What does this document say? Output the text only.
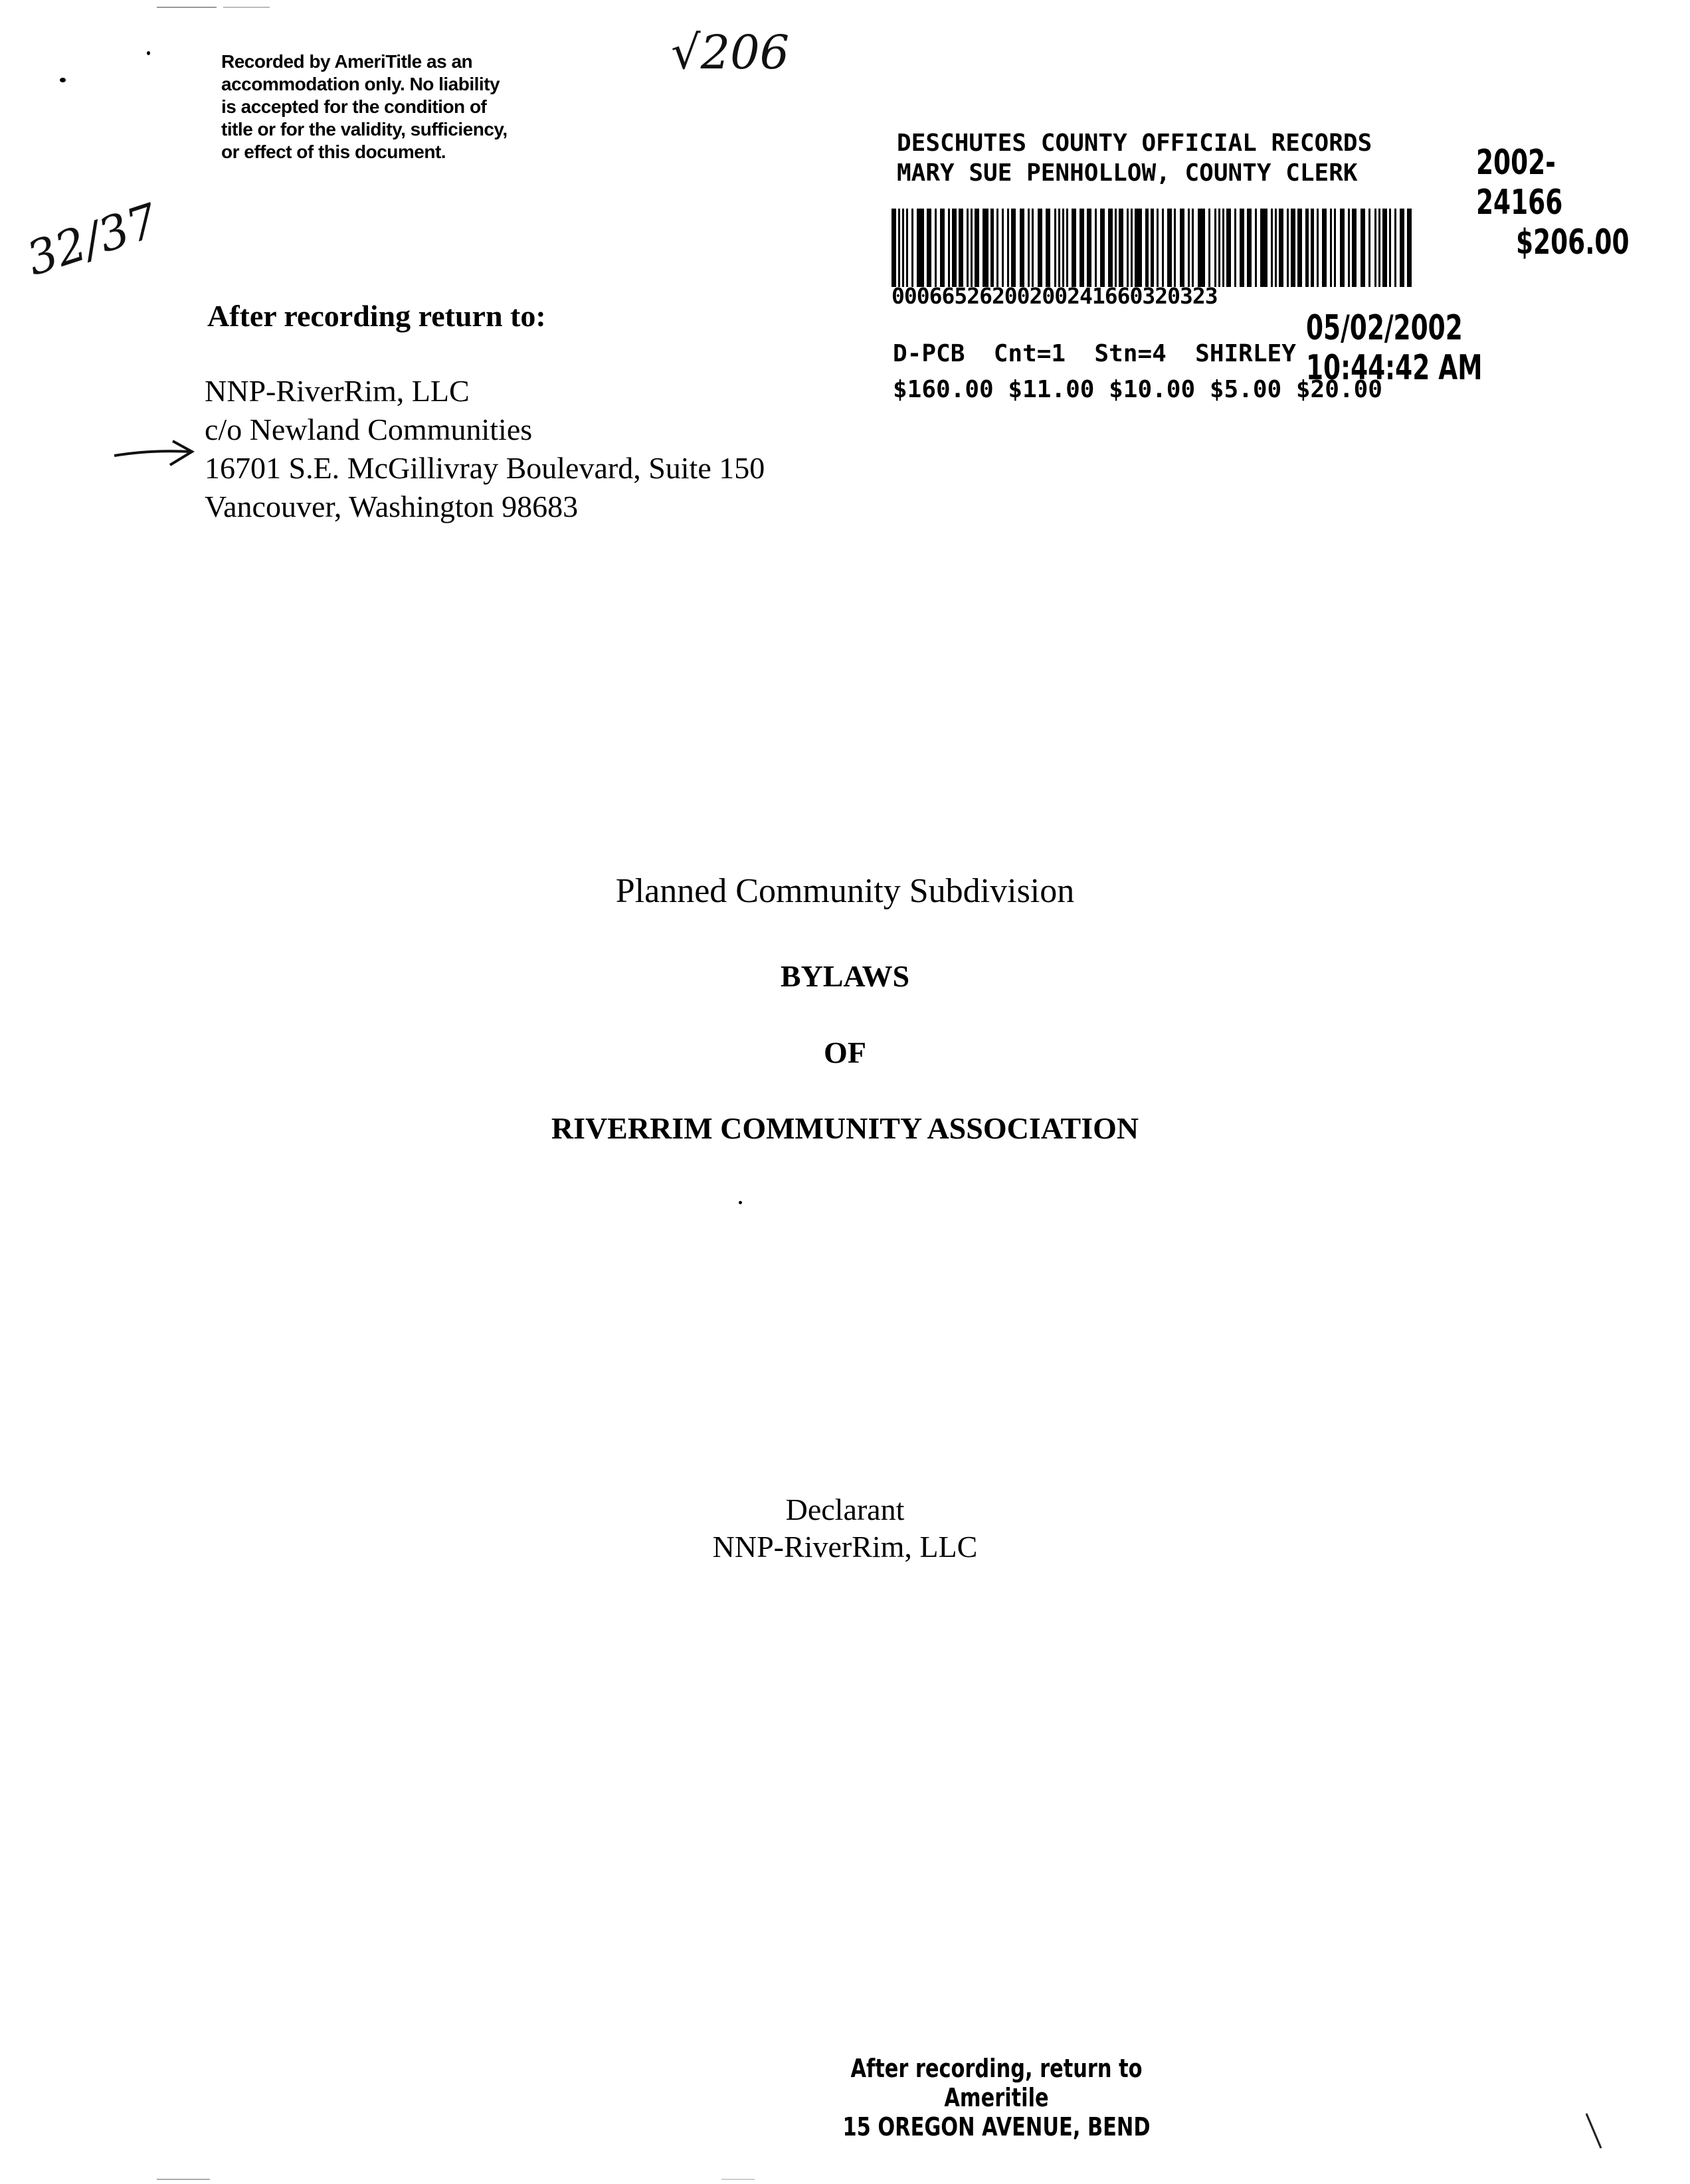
Recorded by AmeriTitle as an
accommodation only. No liability
is accepted for the condition of
title or for the validity, sufficiency,
or effect of this document.
√206
32/37
DESCHUTES COUNTY OFFICIAL RECORDS
MARY SUE PENHOLLOW, COUNTY CLERK	2002-24166
$206.00
00066526200200241660320323
05/02/2002 10:44:42 AM
D-PCB  Cnt=1  Stn=4  SHIRLEY
$160.00 $11.00 $10.00 $5.00 $20.00
After recording return to:
NNP-RiverRim, LLC
c/o Newland Communities
16701 S.E. McGillivray Boulevard, Suite 150
Vancouver, Washington 98683
Planned Community Subdivision
BYLAWS
OF
RIVERRIM COMMUNITY ASSOCIATION
Declarant
NNP-RiverRim, LLC
After recording, return to
Ameritile
15 OREGON AVENUE, BEND
